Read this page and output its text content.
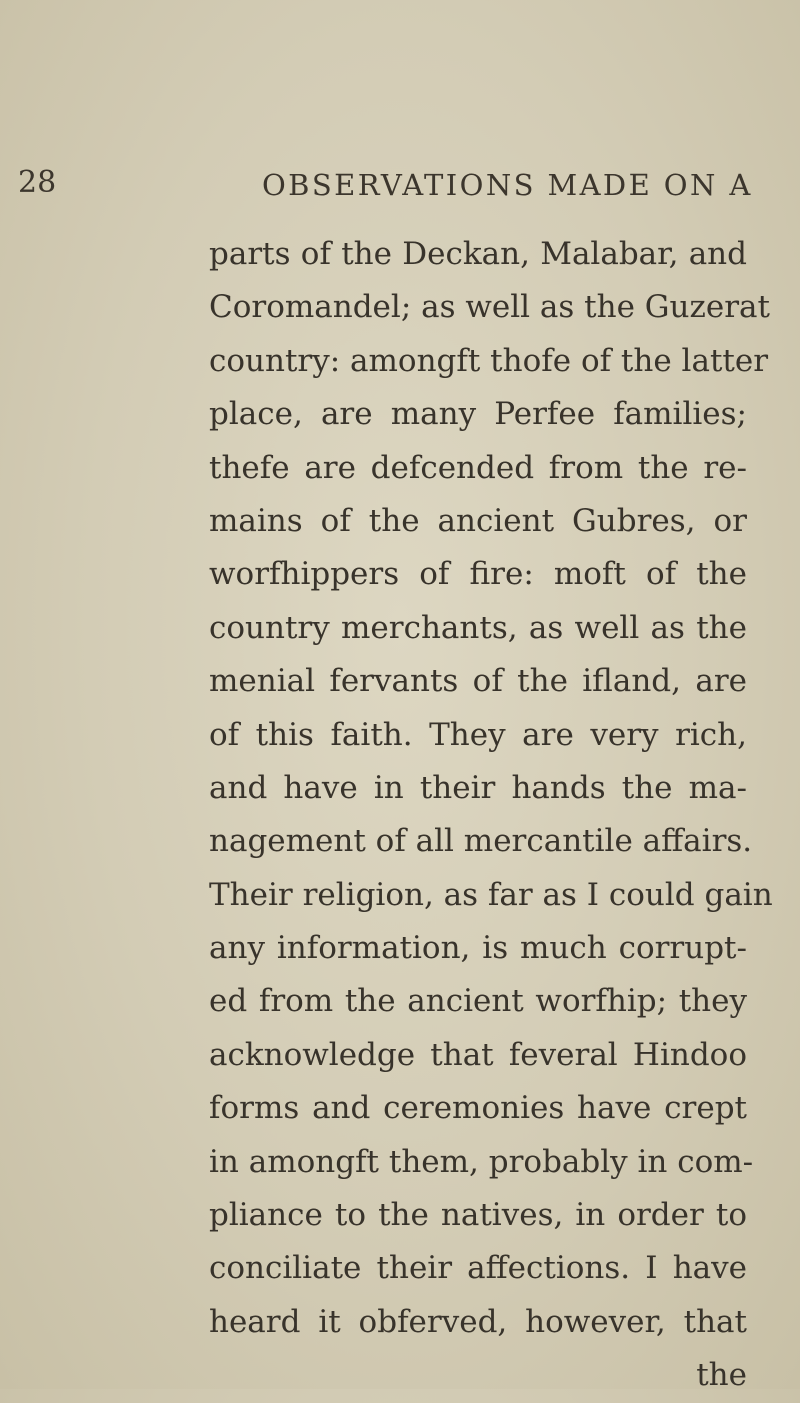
28	OBSERVATIONS MADE ON A
parts of the Deckan, Malabar, and
Coromandel; as well as the Guzerat
country: amongft thofe of the latter
place, are many Perfee families;
thefe are defcended from the re-
mains of the ancient Gubres, or
worfhippers of fire: moft of the
country merchants, as well as the
menial fervants of the ifland, are
of this faith. They are very rich,
and have in their hands the ma-
nagement of all mercantile affairs.
Their religion, as far as I could gain
any information, is much corrupt-
ed from the ancient worfhip; they
acknowledge that feveral Hindoo
forms and ceremonies have crept
in amongft them, probably in com-
pliance to the natives, in order to
conciliate their affections. I have
heard it obferved, however, that
the
